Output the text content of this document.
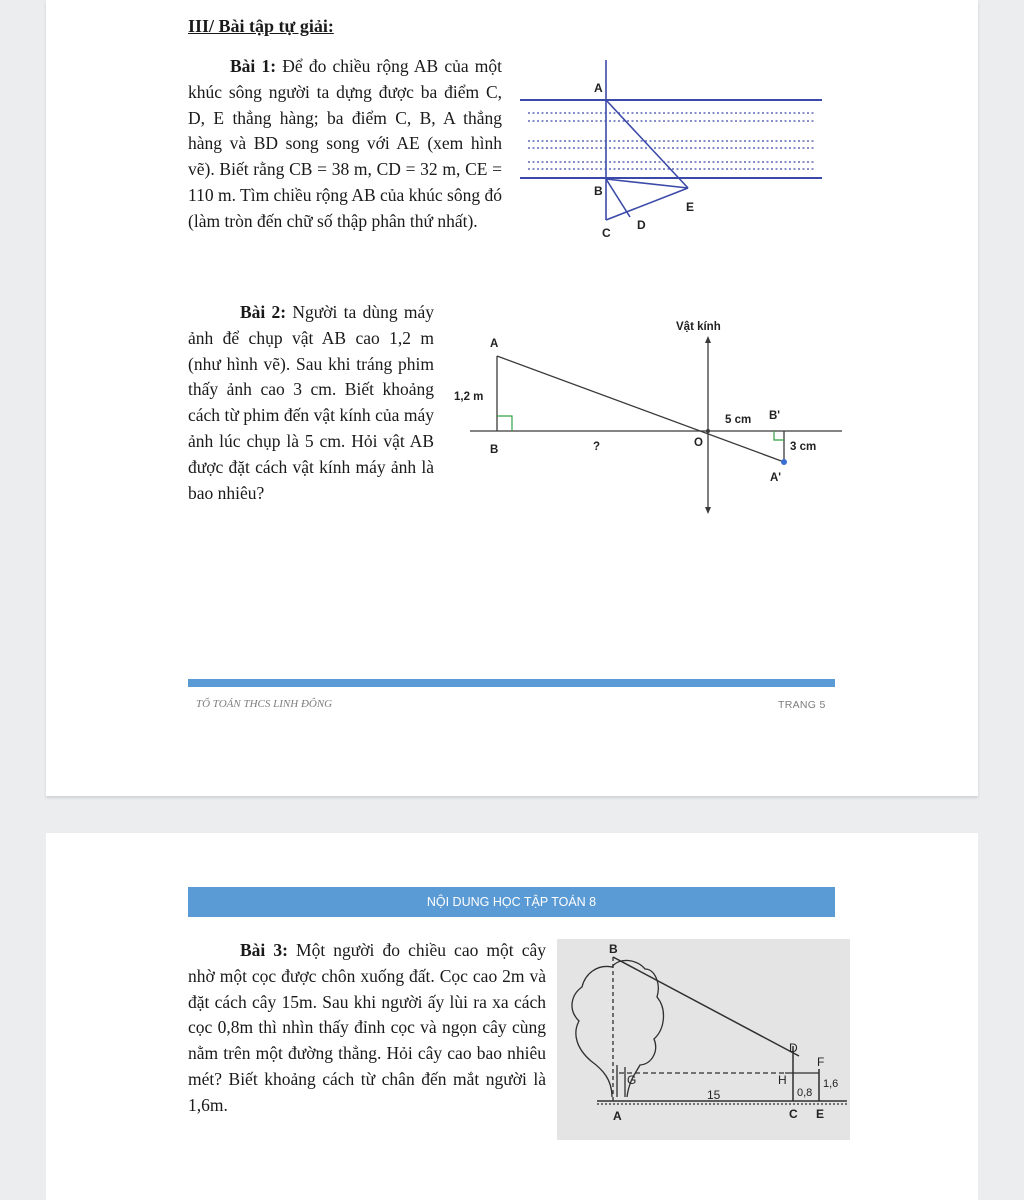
III/ Bài tập tự giải:
Bài 1: Để đo chiều rộng AB của một khúc sông người ta dựng được ba điểm C, D, E thẳng hàng; ba điểm C, B, A thẳng hàng và BD song song với AE (xem hình vẽ). Biết rằng CB = 38 m, CD = 32 m, CE = 110 m. Tìm chiều rộng AB của khúc sông đó (làm tròn đến chữ số thập phân thứ nhất).
A
B
C
D
E
Bài 2: Người ta dùng máy ảnh để chụp vật AB cao 1,2 m (như hình vẽ). Sau khi tráng phim thấy ảnh cao 3 cm. Biết khoảng cách từ phim đến vật kính của máy ảnh lúc chụp là 5 cm. Hỏi vật AB được đặt cách vật kính máy ảnh là bao nhiêu?
Vật kính
A
1,2 m
B	?	O
5 cm B'
3 cm
A'
TỔ TOÁN THCS LINH ĐÔNG	TRANG 5
NỘI DUNG HỌC TẬP TOÁN 8
Bài 3: Một người đo chiều cao một cây nhờ một cọc được chôn xuống đất. Cọc cao 2m và đặt cách cây 15m. Sau khi người ấy lùi ra xa cách cọc 0,8m thì nhìn thấy đỉnh cọc và ngọn cây cùng nằm trên một đường thẳng. Hỏi cây cao bao nhiêu mét? Biết khoảng cách từ chân đến mắt người là 1,6m.
B
D
F
G	H
15	0,8
1,6
A	C E
